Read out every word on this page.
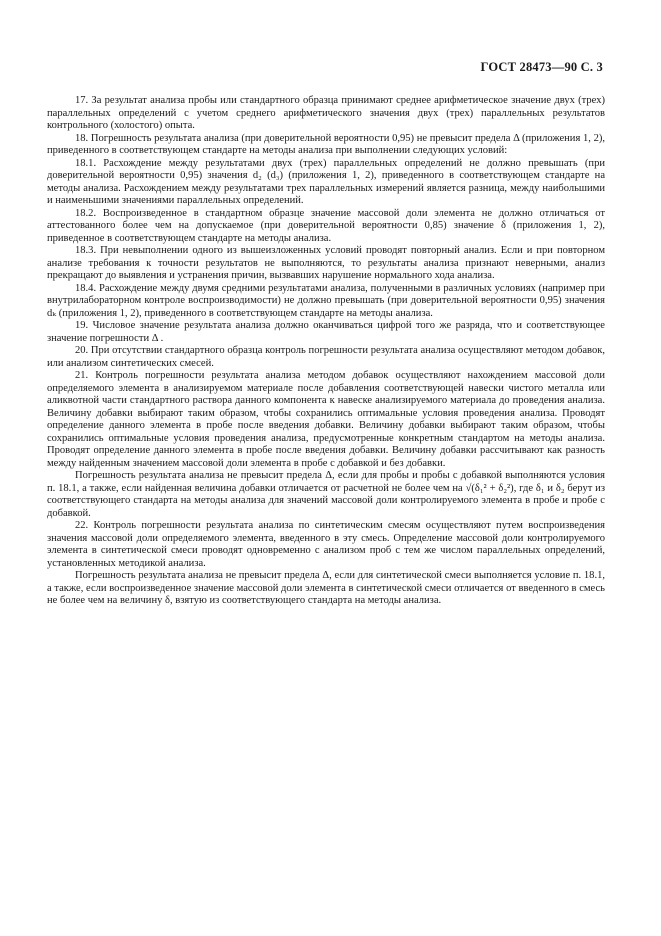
ГОСТ 28473—90 С. 3

17. За результат анализа пробы или стандартного образца принимают среднее арифметическое значение двух (трех) параллельных определений с учетом среднего арифметического значения двух (трех) параллельных результатов контрольного (холостого) опыта.

18. Погрешность результата анализа (при доверительной вероятности 0,95) не превысит предела Δ (приложения 1, 2), приведенного в соответствующем стандарте на методы анализа при выполнении следующих условий:

18.1. Расхождение между результатами двух (трех) параллельных определений не должно превышать (при доверительной вероятности 0,95) значения d₂ (d₃) (приложения 1, 2), приведенного в соответствующем стандарте на методы анализа. Расхождением между результатами трех параллельных измерений является разница, между наибольшими и наименьшими значениями параллельных определений.

18.2. Воспроизведенное в стандартном образце значение массовой доли элемента не должно отличаться от аттестованного более чем на допускаемое (при доверительной вероятности 0,85) значение δ (приложения 1, 2), приведенное в соответствующем стандарте на методы анализа.

18.3. При невыполнении одного из вышеизложенных условий проводят повторный анализ. Если и при повторном анализе требования к точности результатов не выполняются, то результаты анализа признают неверными, анализ прекращают до выявления и устранения причин, вызвавших нарушение нормального хода анализа.

18.4. Расхождение между двумя средними результатами анализа, полученными в различных условиях (например при внутрилабораторном контроле воспроизводимости) не должно превышать (при доверительной вероятности 0,95) значения dₖ (приложения 1, 2), приведенного в соответствующем стандарте на методы анализа.

19. Числовое значение результата анализа должно оканчиваться цифрой того же разряда, что и соответствующее значение погрешности Δ .

20. При отсутствии стандартного образца контроль погрешности результата анализа осуществляют методом добавок, или анализом синтетических смесей.

21. Контроль погрешности результата анализа методом добавок осуществляют нахождением массовой доли определяемого элемента в анализируемом материале после добавления соответствующей навески чистого металла или аликвотной части стандартного раствора данного компонента к навеске анализируемого материала до проведения анализа. Величину добавки выбирают таким образом, чтобы сохранились оптимальные условия проведения анализа. Проводят определение данного элемента в пробе после введения добавки. Величину добавки выбирают таким образом, чтобы сохранились оптимальные условия проведения анализа, предусмотренные конкретным стандартом на методы анализа. Проводят определение данного элемента в пробе после введения добавки. Величину добавки рассчитывают как разность между найденным значением массовой доли элемента в пробе с добавкой и без добавки.

Погрешность результата анализа не превысит предела Δ, если для пробы и пробы с добавкой выполняются условия п. 18.1, а также, если найденная величина добавки отличается от расчетной не более чем на √(δ₁² + δ₂²), где δ₁ и δ₂ берут из соответствующего стандарта на методы анализа для значений массовой доли контролируемого элемента в пробе и пробе с добавкой.

22. Контроль погрешности результата анализа по синтетическим смесям осуществляют путем воспроизведения значения массовой доли определяемого элемента, введенного в эту смесь. Определение массовой доли контролируемого элемента в синтетической смеси проводят одновременно с анализом проб с тем же числом параллельных определений, установленных методикой анализа.

Погрешность результата анализа не превысит предела Δ, если для синтетической смеси выполняется условие п. 18.1, а также, если воспроизведенное значение массовой доли элемента в синтетической смеси отличается от введенного в смесь не более чем на величину δ, взятую из соответствующего стандарта на методы анализа.
